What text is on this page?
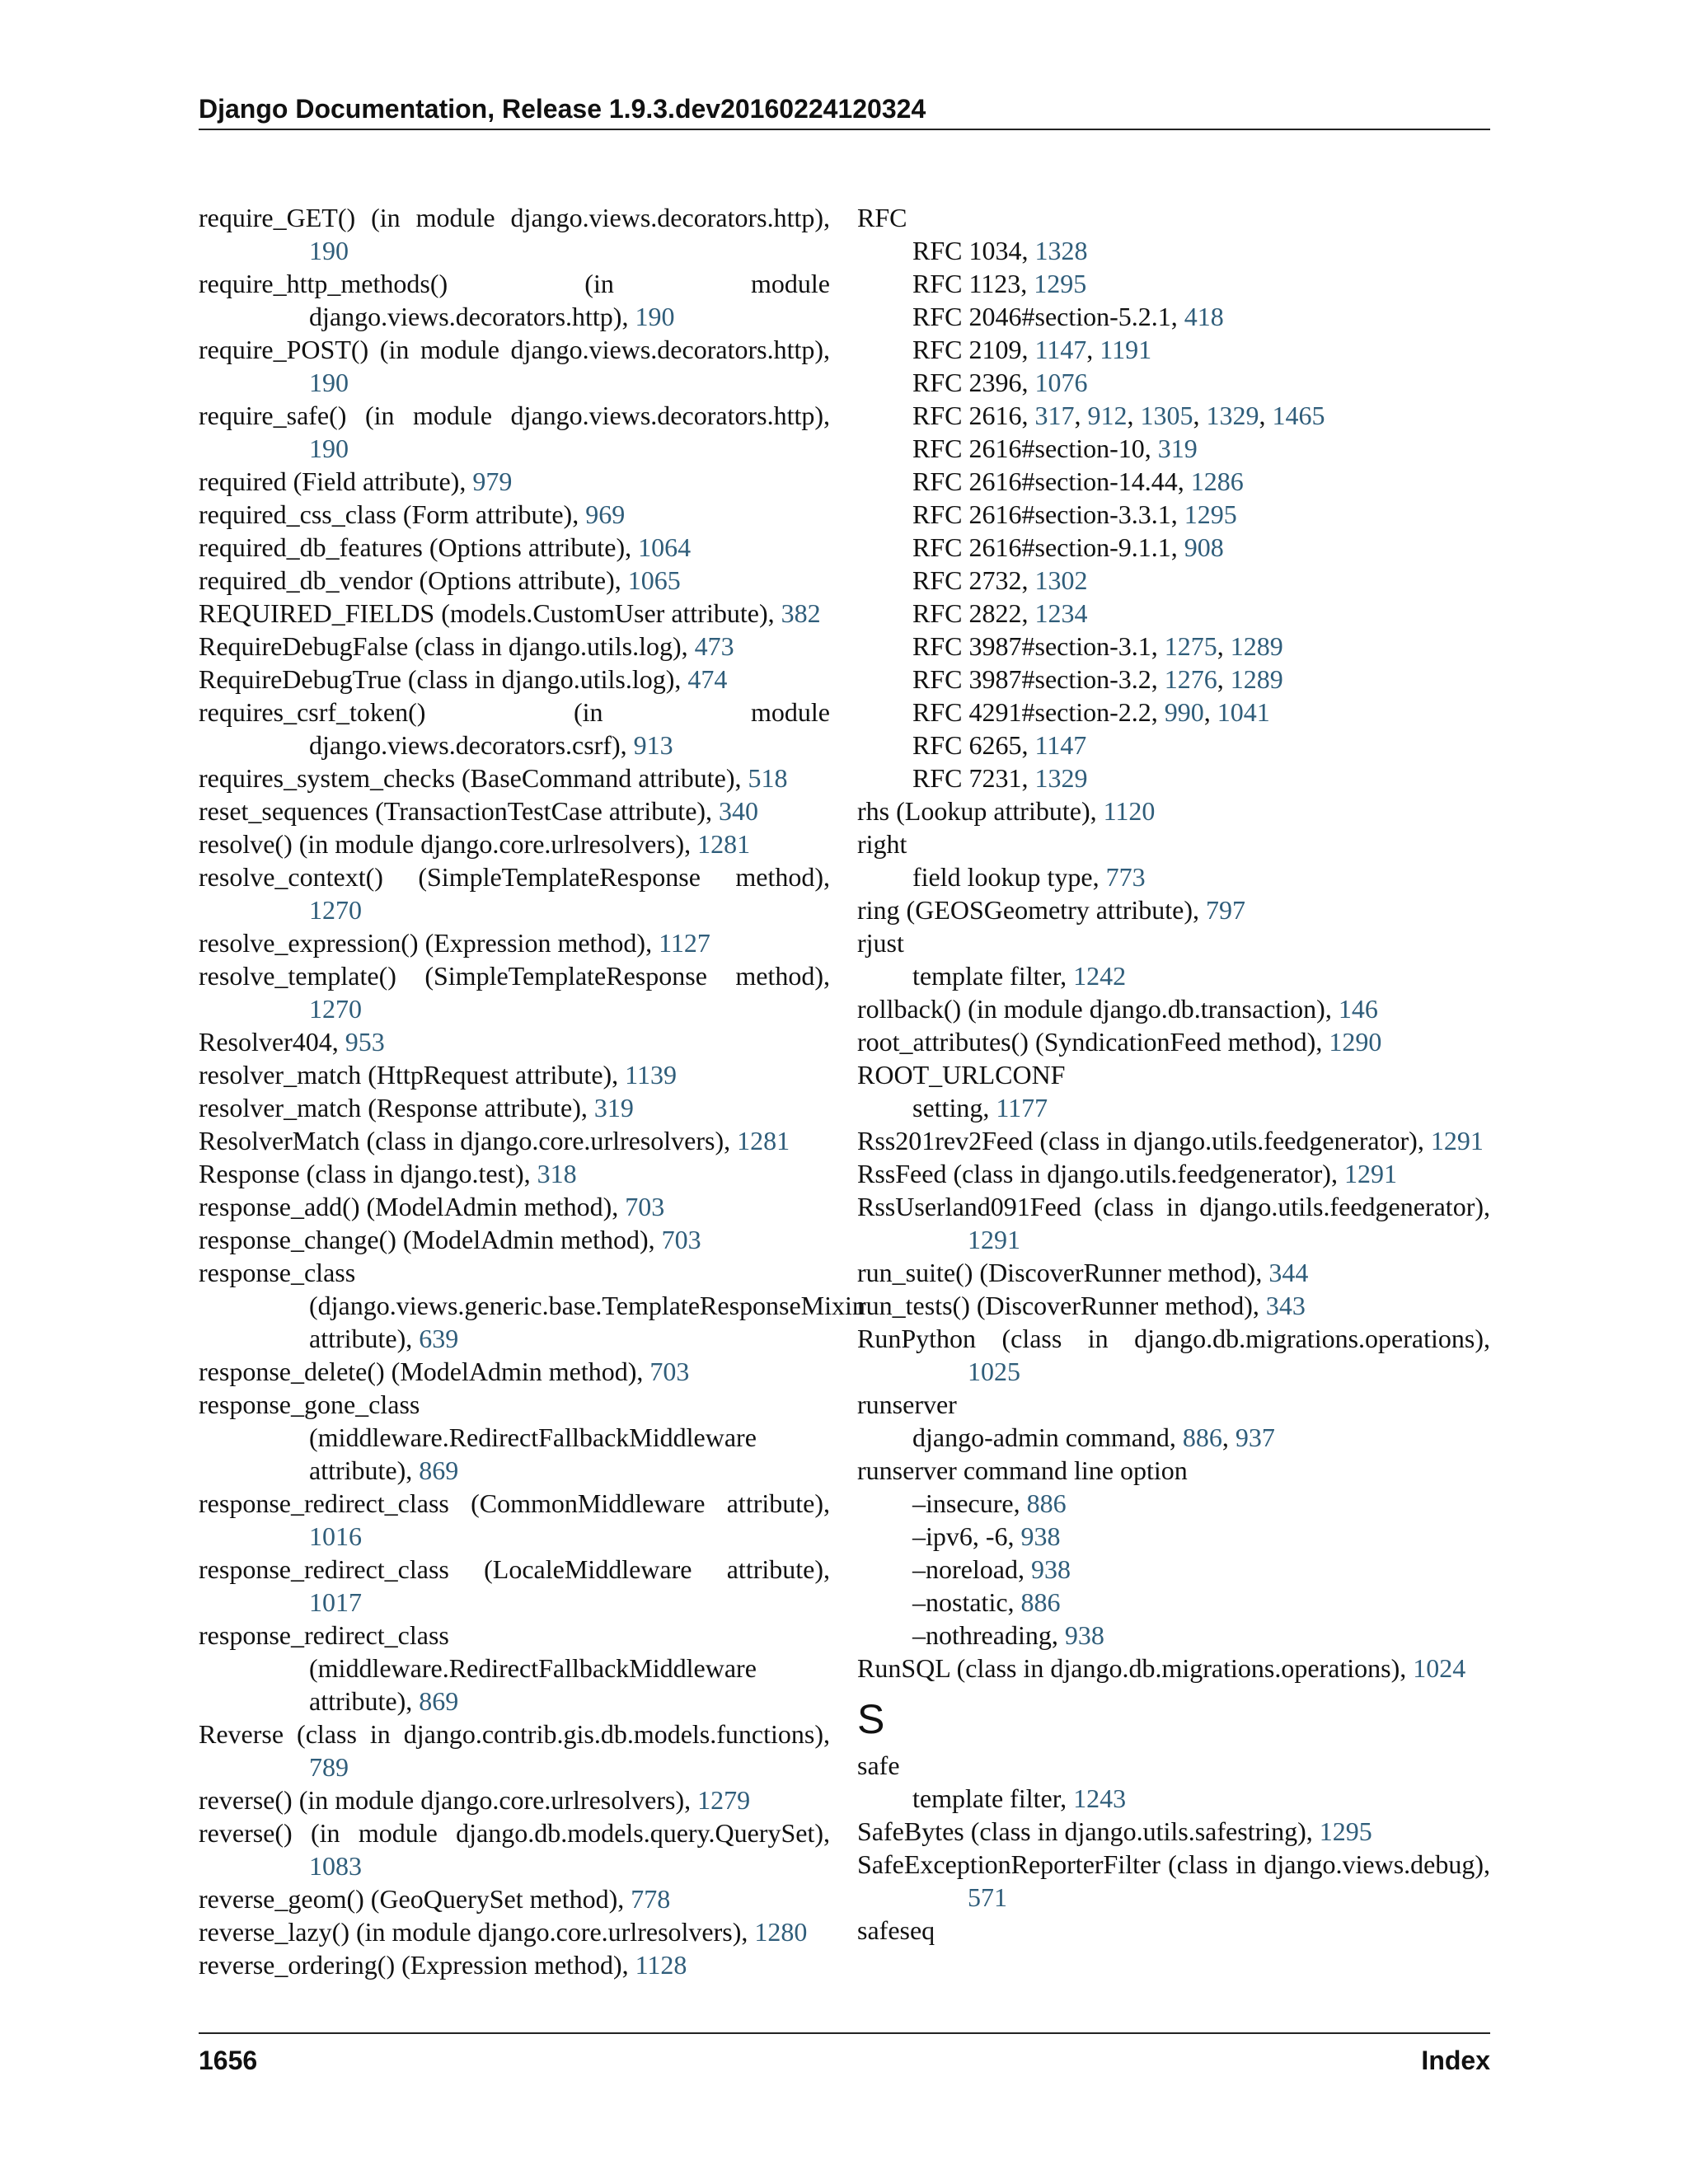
Django Documentation, Release 1.9.3.dev20160224120324
require_GET() (in module django.views.decorators.http), 190
require_http_methods() (in module django.views.decorators.http), 190
require_POST() (in module django.views.decorators.http), 190
require_safe() (in module django.views.decorators.http), 190
required (Field attribute), 979
required_css_class (Form attribute), 969
required_db_features (Options attribute), 1064
required_db_vendor (Options attribute), 1065
REQUIRED_FIELDS (models.CustomUser attribute), 382
RequireDebugFalse (class in django.utils.log), 473
RequireDebugTrue (class in django.utils.log), 474
requires_csrf_token() (in module django.views.decorators.csrf), 913
requires_system_checks (BaseCommand attribute), 518
reset_sequences (TransactionTestCase attribute), 340
resolve() (in module django.core.urlresolvers), 1281
resolve_context() (SimpleTemplateResponse method), 1270
resolve_expression() (Expression method), 1127
resolve_template() (SimpleTemplateResponse method), 1270
Resolver404, 953
resolver_match (HttpRequest attribute), 1139
resolver_match (Response attribute), 319
ResolverMatch (class in django.core.urlresolvers), 1281
Response (class in django.test), 318
response_add() (ModelAdmin method), 703
response_change() (ModelAdmin method), 703
response_class (django.views.generic.base.TemplateResponseMixin attribute), 639
response_delete() (ModelAdmin method), 703
response_gone_class (middleware.RedirectFallbackMiddleware attribute), 869
response_redirect_class (CommonMiddleware attribute), 1016
response_redirect_class (LocaleMiddleware attribute), 1017
response_redirect_class (middleware.RedirectFallbackMiddleware attribute), 869
Reverse (class in django.contrib.gis.db.models.functions), 789
reverse() (in module django.core.urlresolvers), 1279
reverse() (in module django.db.models.query.QuerySet), 1083
reverse_geom() (GeoQuerySet method), 778
reverse_lazy() (in module django.core.urlresolvers), 1280
reverse_ordering() (Expression method), 1128
RFC
RFC 1034, 1328
RFC 1123, 1295
RFC 2046#section-5.2.1, 418
RFC 2109, 1147, 1191
RFC 2396, 1076
RFC 2616, 317, 912, 1305, 1329, 1465
RFC 2616#section-10, 319
RFC 2616#section-14.44, 1286
RFC 2616#section-3.3.1, 1295
RFC 2616#section-9.1.1, 908
RFC 2732, 1302
RFC 2822, 1234
RFC 3987#section-3.1, 1275, 1289
RFC 3987#section-3.2, 1276, 1289
RFC 4291#section-2.2, 990, 1041
RFC 6265, 1147
RFC 7231, 1329
rhs (Lookup attribute), 1120
right
field lookup type, 773
ring (GEOSGeometry attribute), 797
rjust
template filter, 1242
rollback() (in module django.db.transaction), 146
root_attributes() (SyndicationFeed method), 1290
ROOT_URLCONF
setting, 1177
Rss201rev2Feed (class in django.utils.feedgenerator), 1291
RssFeed (class in django.utils.feedgenerator), 1291
RssUserland091Feed (class in django.utils.feedgenerator), 1291
run_suite() (DiscoverRunner method), 344
run_tests() (DiscoverRunner method), 343
RunPython (class in django.db.migrations.operations), 1025
runserver
django-admin command, 886, 937
runserver command line option
–insecure, 886
–ipv6, -6, 938
–noreload, 938
–nostatic, 886
–nothreading, 938
RunSQL (class in django.db.migrations.operations), 1024
S
safe
template filter, 1243
SafeBytes (class in django.utils.safestring), 1295
SafeExceptionReporterFilter (class in django.views.debug), 571
safeseq
1656	Index
